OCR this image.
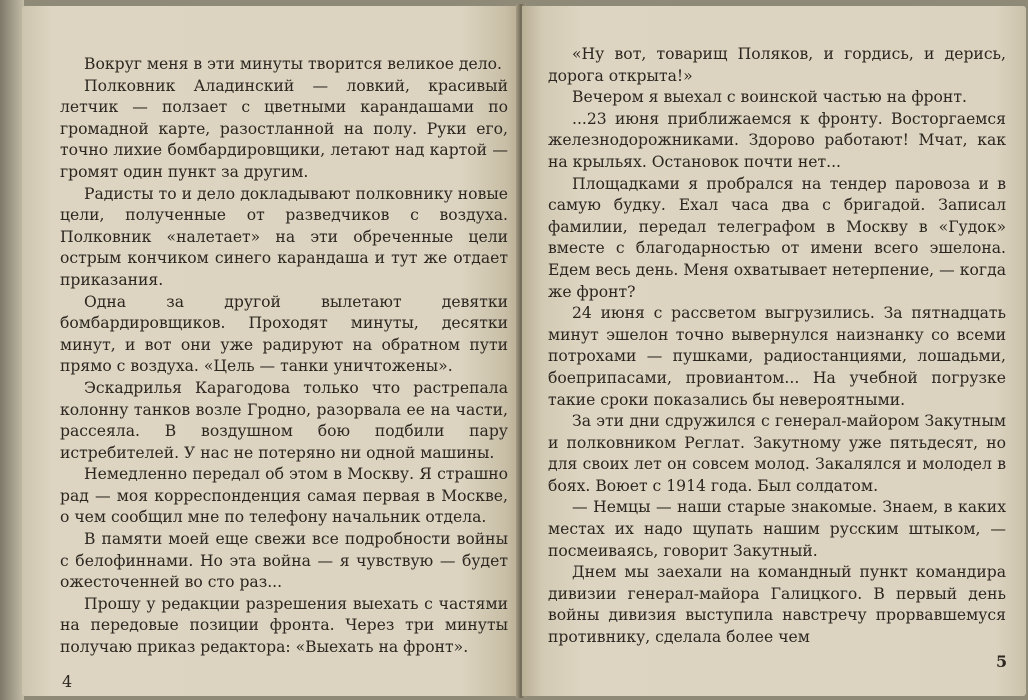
Вокруг меня в эти минуты творится великое дело.

Полковник Аладинский — ловкий, красивый летчик — ползает с цветными карандашами по громадной карте, разостланной на полу. Руки его, точно лихие бомбардировщики, летают над картой — громят один пункт за другим.

Радисты то и дело докладывают полковнику новые цели, полученные от разведчиков с воздуха. Полковник «налетает» на эти обреченные цели острым кончиком синего карандаша и тут же отдает приказания.

Одна за другой вылетают девятки бомбардировщиков. Проходят минуты, десятки минут, и вот они уже радируют на обратном пути прямо с воздуха. «Цель — танки уничтожены».

Эскадрилья Карагодова только что растрепала колонну танков возле Гродно, разорвала ее на части, рассеяла. В воздушном бою подбили пару истребителей. У нас не потеряно ни одной машины.

Немедленно передал об этом в Москву. Я страшно рад — моя корреспонденция самая первая в Москве, о чем сообщил мне по телефону начальник отдела.

В памяти моей еще свежи все подробности войны с белофиннами. Но эта война — я чувствую — будет ожесточенней во сто раз...

Прошу у редакции разрешения выехать с частями на передовые позиции фронта. Через три минуты получаю приказ редактора: «Выехать на фронт».

4

«Ну вот, товарищ Поляков, и гордись, и дерись, дорога открыта!»

Вечером я выехал с воинской частью на фронт.

...23 июня приближаемся к фронту. Восторгаемся железнодорожниками. Здорово работают! Мчат, как на крыльях. Остановок почти нет...

Площадками я пробрался на тендер паровоза и в самую будку. Ехал часа два с бригадой. Записал фамилии, передал телеграфом в Москву в «Гудок» вместе с благодарностью от имени всего эшелона. Едем весь день. Меня охватывает нетерпение, — когда же фронт?

24 июня с рассветом выгрузились. За пятнадцать минут эшелон точно вывернулся наизнанку со всеми потрохами — пушками, радиостанциями, лошадьми, боеприпасами, провиантом... На учебной погрузке такие сроки показались бы невероятными.

За эти дни сдружился с генерал-майором Закутным и полковником Реглат. Закутному уже пятьдесят, но для своих лет он совсем молод. Закалялся и молодел в боях. Воюет с 1914 года. Был солдатом.

— Немцы — наши старые знакомые. Знаем, в каких местах их надо щупать нашим русским штыком, — посмеиваясь, говорит Закутный.

Днем мы заехали на командный пункт командира дивизии генерал-майора Галицкого. В первый день войны дивизия выступила навстречу прорвавшемуся противнику, сделала более чем

5
